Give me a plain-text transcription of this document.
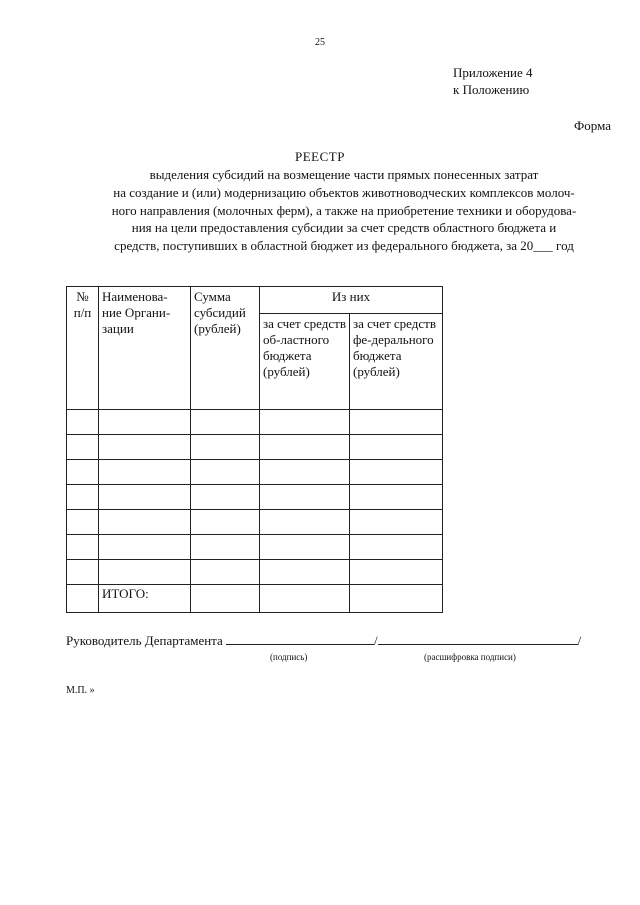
25
Приложение 4
к Положению
Форма
РЕЕСТР
выделения субсидий на возмещение части прямых понесенных затрат
на создание и (или) модернизацию объектов животноводческих комплексов молоч-
ного направления (молочных ферм), а также на приобретение техники и оборудова-
ния на цели предоставления субсидии за счет средств областного бюджета и
средств, поступивших в областной бюджет из федерального бюджета, за 20___ год
№ п/п	Наименова-ние Органи-зации	Сумма субсидий (рублей)	Из них	
			за счет средств об-ластного бюджета (рублей)	за счет средств фе-дерального бюджета (рублей)

	ИТОГО:			
Руководитель Департамента	/	/
(подпись)	(расшифровка подписи)
М.П. »
